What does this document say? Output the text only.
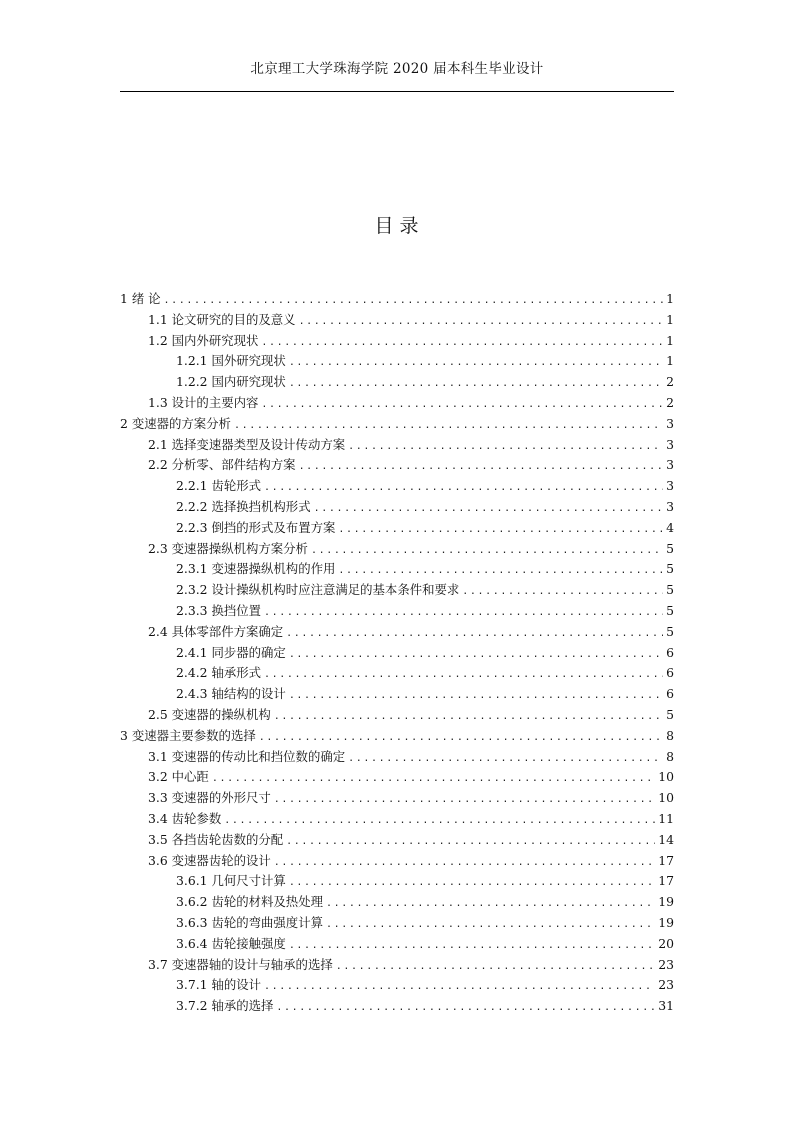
北京理工大学珠海学院 2020 届本科生毕业设计
目 录
1 绪 论 .....	1
1.1 论文研究的目的及意义 .....	1
1.2 国内外研究现状 .....	1
1.2.1 国外研究现状 .....	1
1.2.2 国内研究现状 .....	2
1.3 设计的主要内容 .....	2
2 变速器的方案分析 .....	3
2.1 选择变速器类型及设计传动方案 .....	3
2.2 分析零、部件结构方案 .....	3
2.2.1 齿轮形式 .....	3
2.2.2 选择换挡机构形式 .....	3
2.2.3 倒挡的形式及布置方案 .....	4
2.3 变速器操纵机构方案分析 .....	5
2.3.1 变速器操纵机构的作用 .....	5
2.3.2 设计操纵机构时应注意满足的基本条件和要求 .....	5
2.3.3 换挡位置 .....	5
2.4 具体零部件方案确定 .....	5
2.4.1 同步器的确定 .....	6
2.4.2 轴承形式 .....	6
2.4.3 轴结构的设计 .....	6
2.5 变速器的操纵机构 .....	5
3 变速器主要参数的选择 .....	8
3.1 变速器的传动比和挡位数的确定 .....	8
3.2 中心距 .....	10
3.3 变速器的外形尺寸 .....	10
3.4 齿轮参数 .....	11
3.5 各挡齿轮齿数的分配 .....	14
3.6 变速器齿轮的设计 .....	17
3.6.1 几何尺寸计算 .....	17
3.6.2 齿轮的材料及热处理 .....	19
3.6.3 齿轮的弯曲强度计算 .....	19
3.6.4 齿轮接触强度 .....	20
3.7 变速器轴的设计与轴承的选择 .....	23
3.7.1 轴的设计 .....	23
3.7.2 轴承的选择 .....	31
